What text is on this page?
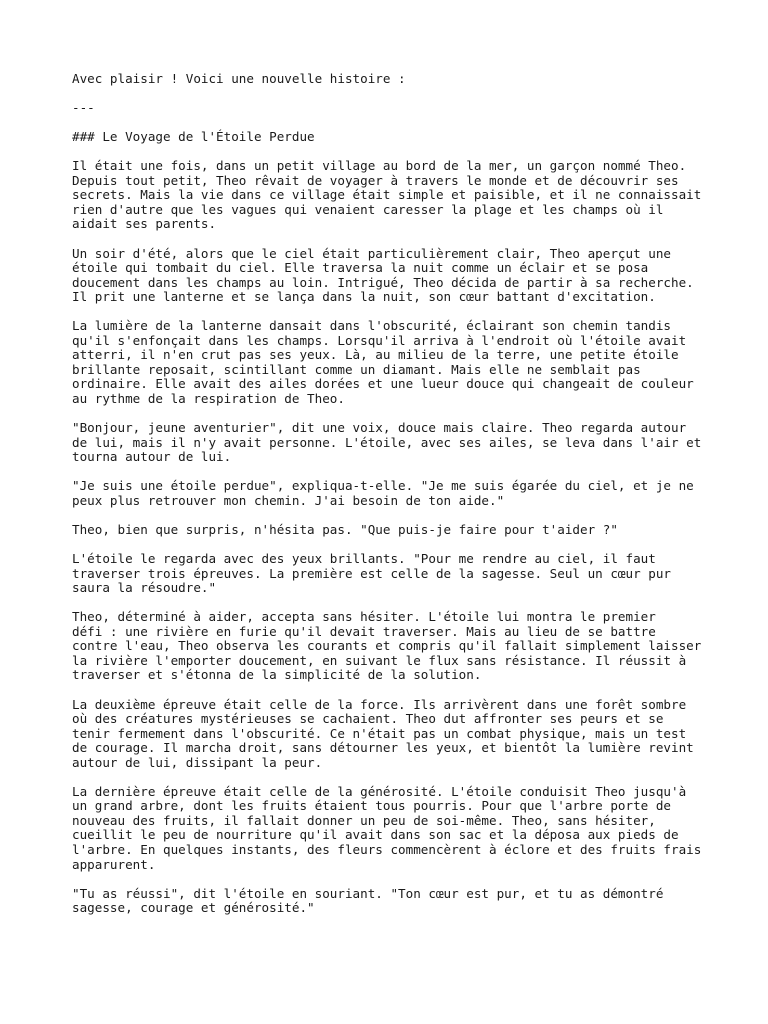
Avec plaisir ! Voici une nouvelle histoire :
---
### Le Voyage de l'Étoile Perdue
Il était une fois, dans un petit village au bord de la mer, un garçon nommé Theo.
Depuis tout petit, Theo rêvait de voyager à travers le monde et de découvrir ses
secrets. Mais la vie dans ce village était simple et paisible, et il ne connaissait
rien d'autre que les vagues qui venaient caresser la plage et les champs où il
aidait ses parents.
Un soir d'été, alors que le ciel était particulièrement clair, Theo aperçut une
étoile qui tombait du ciel. Elle traversa la nuit comme un éclair et se posa
doucement dans les champs au loin. Intrigué, Theo décida de partir à sa recherche.
Il prit une lanterne et se lança dans la nuit, son cœur battant d'excitation.
La lumière de la lanterne dansait dans l'obscurité, éclairant son chemin tandis
qu'il s'enfonçait dans les champs. Lorsqu'il arriva à l'endroit où l'étoile avait
atterri, il n'en crut pas ses yeux. Là, au milieu de la terre, une petite étoile
brillante reposait, scintillant comme un diamant. Mais elle ne semblait pas
ordinaire. Elle avait des ailes dorées et une lueur douce qui changeait de couleur
au rythme de la respiration de Theo.
"Bonjour, jeune aventurier", dit une voix, douce mais claire. Theo regarda autour
de lui, mais il n'y avait personne. L'étoile, avec ses ailes, se leva dans l'air et
tourna autour de lui.
"Je suis une étoile perdue", expliqua-t-elle. "Je me suis égarée du ciel, et je ne
peux plus retrouver mon chemin. J'ai besoin de ton aide."
Theo, bien que surpris, n'hésita pas. "Que puis-je faire pour t'aider ?"
L'étoile le regarda avec des yeux brillants. "Pour me rendre au ciel, il faut
traverser trois épreuves. La première est celle de la sagesse. Seul un cœur pur
saura la résoudre."
Theo, déterminé à aider, accepta sans hésiter. L'étoile lui montra le premier
défi : une rivière en furie qu'il devait traverser. Mais au lieu de se battre
contre l'eau, Theo observa les courants et compris qu'il fallait simplement laisser
la rivière l'emporter doucement, en suivant le flux sans résistance. Il réussit à
traverser et s'étonna de la simplicité de la solution.
La deuxième épreuve était celle de la force. Ils arrivèrent dans une forêt sombre
où des créatures mystérieuses se cachaient. Theo dut affronter ses peurs et se
tenir fermement dans l'obscurité. Ce n'était pas un combat physique, mais un test
de courage. Il marcha droit, sans détourner les yeux, et bientôt la lumière revint
autour de lui, dissipant la peur.
La dernière épreuve était celle de la générosité. L'étoile conduisit Theo jusqu'à
un grand arbre, dont les fruits étaient tous pourris. Pour que l'arbre porte de
nouveau des fruits, il fallait donner un peu de soi-même. Theo, sans hésiter,
cueillit le peu de nourriture qu'il avait dans son sac et la déposa aux pieds de
l'arbre. En quelques instants, des fleurs commencèrent à éclore et des fruits frais
apparurent.
"Tu as réussi", dit l'étoile en souriant. "Ton cœur est pur, et tu as démontré
sagesse, courage et générosité."
